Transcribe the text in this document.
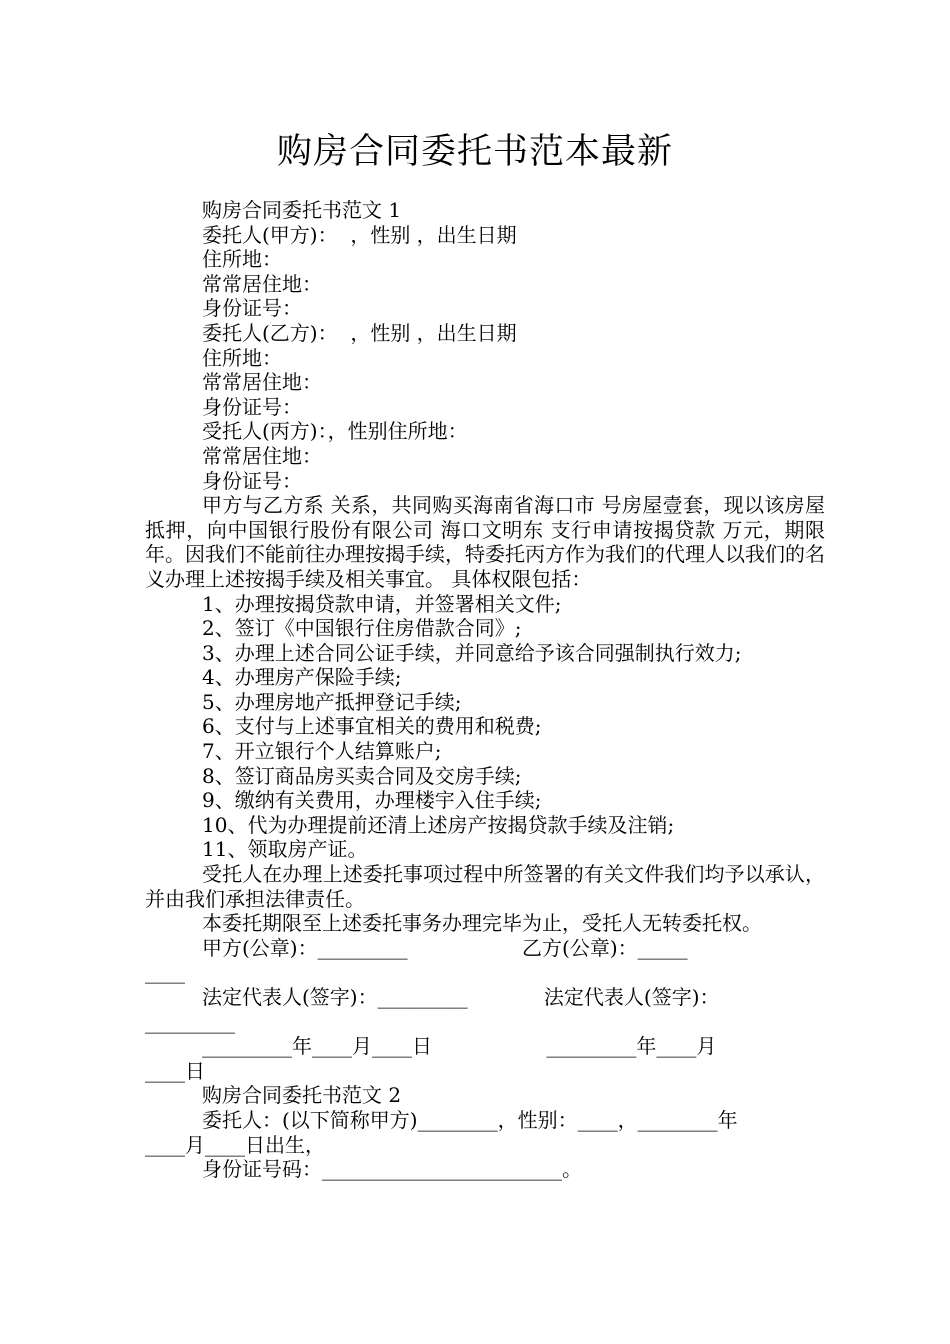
购房合同委托书范本最新

购房合同委托书范文 1

委托人(甲方)：  ，性别 ，出生日期

住所地：

常常居住地：

身份证号：

委托人(乙方)：  ，性别 ，出生日期

住所地：

常常居住地：

身份证号：

受托人(丙方)：，性别住所地：

常常居住地：

身份证号：

甲方与乙方系 关系，共同购买海南省海口市 号房屋壹套，现以该房屋抵押，向中国银行股份有限公司 海口文明东 支行申请按揭贷款 万元，期限年。因我们不能前往办理按揭手续，特委托丙方作为我们的代理人以我们的名义办理上述按揭手续及相关事宜。 具体权限包括：

1、办理按揭贷款申请，并签署相关文件;

2、签订《中国银行住房借款合同》;

3、办理上述合同公证手续，并同意给予该合同强制执行效力;

4、办理房产保险手续;

5、办理房地产抵押登记手续;

6、支付与上述事宜相关的费用和税费;

7、开立银行个人结算账户;

8、签订商品房买卖合同及交房手续;

9、缴纳有关费用，办理楼宇入住手续;

10、代为办理提前还清上述房产按揭贷款手续及注销;

11、领取房产证。

受托人在办理上述委托事项过程中所签署的有关文件我们均予以承认，并由我们承担法律责任。

本委托期限至上述委托事务办理完毕为止，受托人无转委托权。

甲方(公章)：_________                  乙方(公章)：_____

____

法定代表人(签字)：_________            法定代表人(签字)：

_________

_________年____月____日                  _________年____月

____日

购房合同委托书范文 2

委托人：(以下简称甲方)________，性别：____，________年

____月____日出生，

身份证号码：________________________。
